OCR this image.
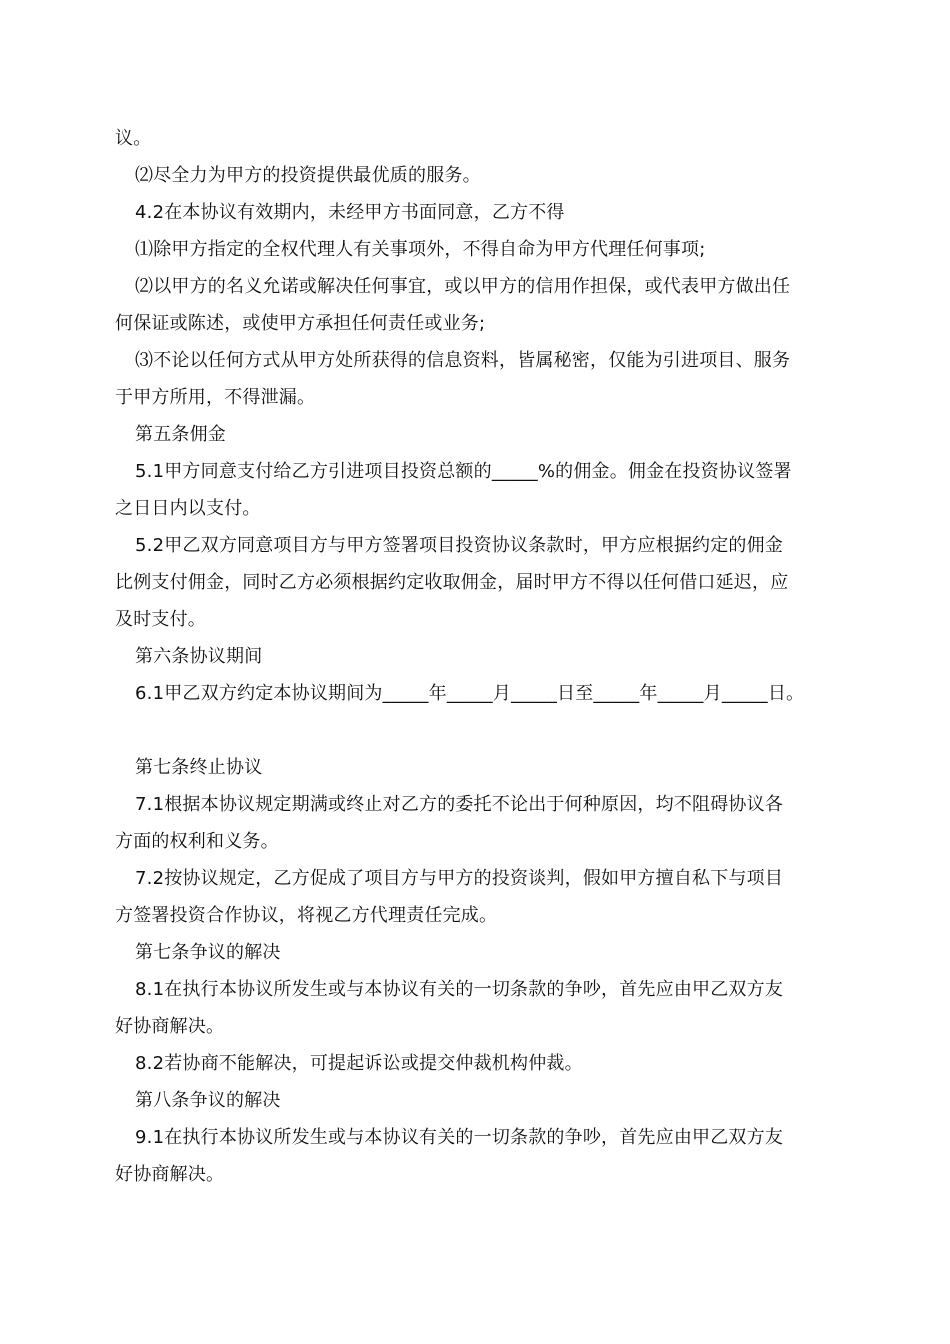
议。

⑵尽全力为甲方的投资提供最优质的服务。

4.2在本协议有效期内，未经甲方书面同意，乙方不得

⑴除甲方指定的全权代理人有关事项外，不得自命为甲方代理任何事项;

⑵以甲方的名义允诺或解决任何事宜，或以甲方的信用作担保，或代表甲方做出任

何保证或陈述，或使甲方承担任何责任或业务;

⑶不论以任何方式从甲方处所获得的信息资料，皆属秘密，仅能为引进项目、服务

于甲方所用，不得泄漏。

第五条佣金

5.1甲方同意支付给乙方引进项目投资总额的_____%的佣金。佣金在投资协议签署

之日日内以支付。

5.2甲乙双方同意项目方与甲方签署项目投资协议条款时，甲方应根据约定的佣金

比例支付佣金，同时乙方必须根据约定收取佣金，届时甲方不得以任何借口延迟，应

及时支付。

第六条协议期间

6.1甲乙双方约定本协议期间为_____年_____月_____日至_____年_____月_____日。

第七条终止协议

7.1根据本协议规定期满或终止对乙方的委托不论出于何种原因，均不阻碍协议各

方面的权利和义务。

7.2按协议规定，乙方促成了项目方与甲方的投资谈判，假如甲方擅自私下与项目

方签署投资合作协议，将视乙方代理责任完成。

第七条争议的解决

8.1在执行本协议所发生或与本协议有关的一切条款的争吵，首先应由甲乙双方友

好协商解决。

8.2若协商不能解决，可提起诉讼或提交仲裁机构仲裁。

第八条争议的解决

9.1在执行本协议所发生或与本协议有关的一切条款的争吵，首先应由甲乙双方友

好协商解决。
